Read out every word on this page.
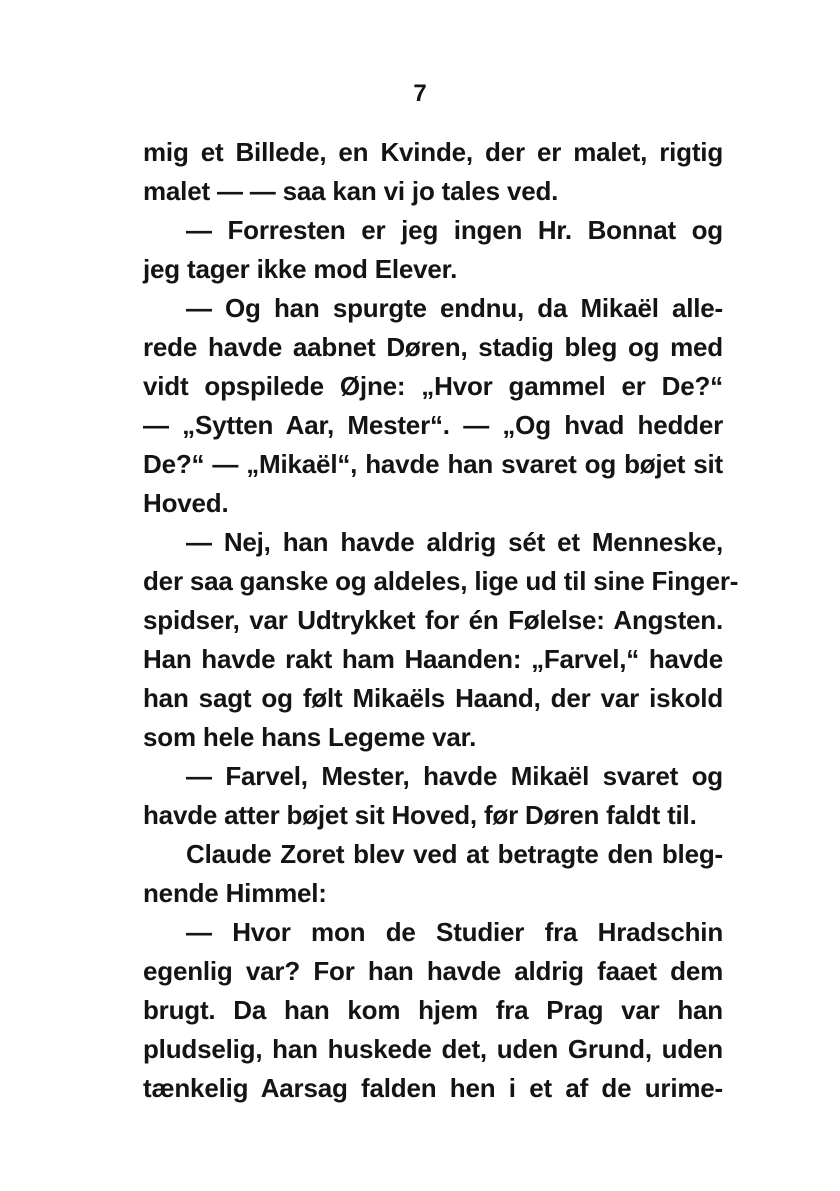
7
mig et Billede, en Kvinde, der er malet, rigtig
malet — — saa kan vi jo tales ved.
— Forresten er jeg ingen Hr. Bonnat og
jeg tager ikke mod Elever.
— Og han spurgte endnu, da Mikaël alle-
rede havde aabnet Døren, stadig bleg og med
vidt opspilede Øjne: „Hvor gammel er De?“
— „Sytten Aar, Mester“. — „Og hvad hedder
De?“ — „Mikaël“, havde han svaret og bøjet sit
Hoved.
— Nej, han havde aldrig sét et Menneske,
der saa ganske og aldeles, lige ud til sine Finger-
spidser, var Udtrykket for én Følelse: Angsten.
Han havde rakt ham Haanden: „Farvel,“ havde
han sagt og følt Mikaëls Haand, der var iskold
som hele hans Legeme var.
— Farvel, Mester, havde Mikaël svaret og
havde atter bøjet sit Hoved, før Døren faldt til.
Claude Zoret blev ved at betragte den bleg-
nende Himmel:
— Hvor mon de Studier fra Hradschin
egenlig var? For han havde aldrig faaet dem
brugt. Da han kom hjem fra Prag var han
pludselig, han huskede det, uden Grund, uden
tænkelig Aarsag falden hen i et af de urime-
